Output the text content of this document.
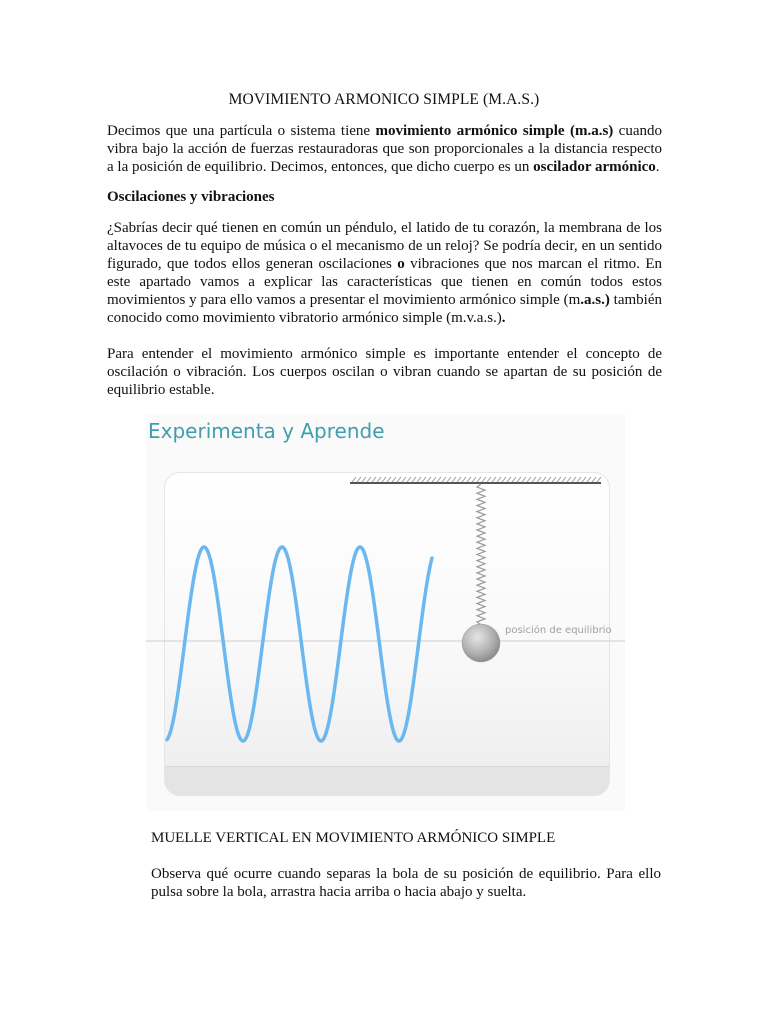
MOVIMIENTO ARMONICO SIMPLE (M.A.S.)
Decimos que una partícula o sistema tiene movimiento armónico simple (m.a.s) cuando vibra bajo la acción de fuerzas restauradoras que son proporcionales a la distancia respecto a la posición de equilibrio. Decimos, entonces, que dicho cuerpo es un oscilador armónico.
Oscilaciones y vibraciones
¿Sabrías decir qué tienen en común un péndulo, el latido de tu corazón, la membrana de los altavoces de tu equipo de música o el mecanismo de un reloj? Se podría decir, en un sentido figurado, que todos ellos generan oscilaciones o vibraciones que nos marcan el ritmo. En este apartado vamos a explicar las características que tienen en común todos estos movimientos y para ello vamos a presentar el movimiento armónico simple (m.a.s.) también conocido como movimiento vibratorio armónico simple (m.v.a.s.).
Para entender el movimiento armónico simple es importante entender el concepto de oscilación o vibración. Los cuerpos oscilan o vibran cuando se apartan de su posición de equilibrio estable.
Experimenta y Aprende
posición de equilibrio
MUELLE VERTICAL EN MOVIMIENTO ARMÓNICO SIMPLE
Observa qué ocurre cuando separas la bola de su posición de equilibrio. Para ello pulsa sobre la bola, arrastra hacia arriba o hacia abajo y suelta.
